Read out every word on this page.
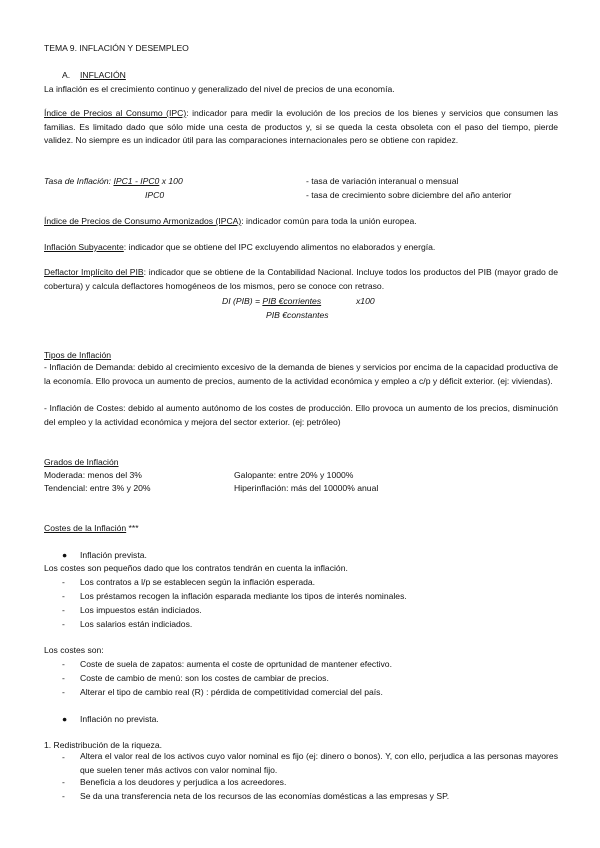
TEMA 9. INFLACIÓN Y DESEMPLEO
A. INFLACIÓN
La inflación es el crecimiento continuo y generalizado del nivel de precios de una economía.
Índice de Precios al Consumo (IPC): indicador para medir la evolución de los precios de los bienes y servicios que consumen las familias. Es limitado dado que sólo mide una cesta de productos y, si se queda la cesta obsoleta con el paso del tiempo, pierde validez. No siempre es un indicador útil para las comparaciones internacionales pero se obtiene con rapidez.
Tasa de Inflación: IPC1 - IPC0 x 100
IPC0
- tasa de variación interanual o mensual
- tasa de crecimiento sobre diciembre del año anterior
Índice de Precios de Consumo Armonizados (IPCA): indicador común para toda la unión europea.
Inflación Subyacente: indicador que se obtiene del IPC excluyendo alimentos no elaborados y energía.
Deflactor Implícito del PIB: indicador que se obtiene de la Contabilidad Nacional. Incluye todos los productos del PIB (mayor grado de cobertura) y calcula deflactores homogéneos de los mismos, pero se conoce con retraso.
DI (PIB) = PIB €corrientes	x100
PIB €constantes
Tipos de Inflación
- Inflación de Demanda: debido al crecimiento excesivo de la demanda de bienes y servicios por encima de la capacidad productiva de la economía. Ello provoca un aumento de precios, aumento de la actividad económica y empleo a c/p y déficit exterior. (ej: viviendas).
- Inflación de Costes: debido al aumento autónomo de los costes de producción. Ello provoca un aumento de los precios, disminución del empleo y la actividad económica y mejora del sector exterior. (ej: petróleo)
Grados de Inflación
Moderada: menos del 3%	Galopante: entre 20% y 1000%
Tendencial: entre 3% y 20%	Hiperinflación: más del 10000% anual
Costes de la Inflación ***
● Inflación prevista.
Los costes son pequeños dado que los contratos tendrán en cuenta la inflación.
- Los contratos a l/p se establecen según la inflación esperada.
- Los préstamos recogen la inflación esparada mediante los tipos de interés nominales.
- Los impuestos están indiciados.
- Los salarios están indiciados.
Los costes son:
- Coste de suela de zapatos: aumenta el coste de oprtunidad de mantener efectivo.
- Coste de cambio de menú: son los costes de cambiar de precios.
- Alterar el tipo de cambio real (R) : pérdida de competitividad comercial del país.
● Inflación no prevista.
1. Redistribución de la riqueza.
- Altera el valor real de los activos cuyo valor nominal es fijo (ej: dinero o bonos). Y, con ello, perjudica a las personas mayores que suelen tener más activos con valor nominal fijo.
- Beneficia a los deudores y perjudica a los acreedores.
- Se da una transferencia neta de los recursos de las economías domésticas a las empresas y SP.
